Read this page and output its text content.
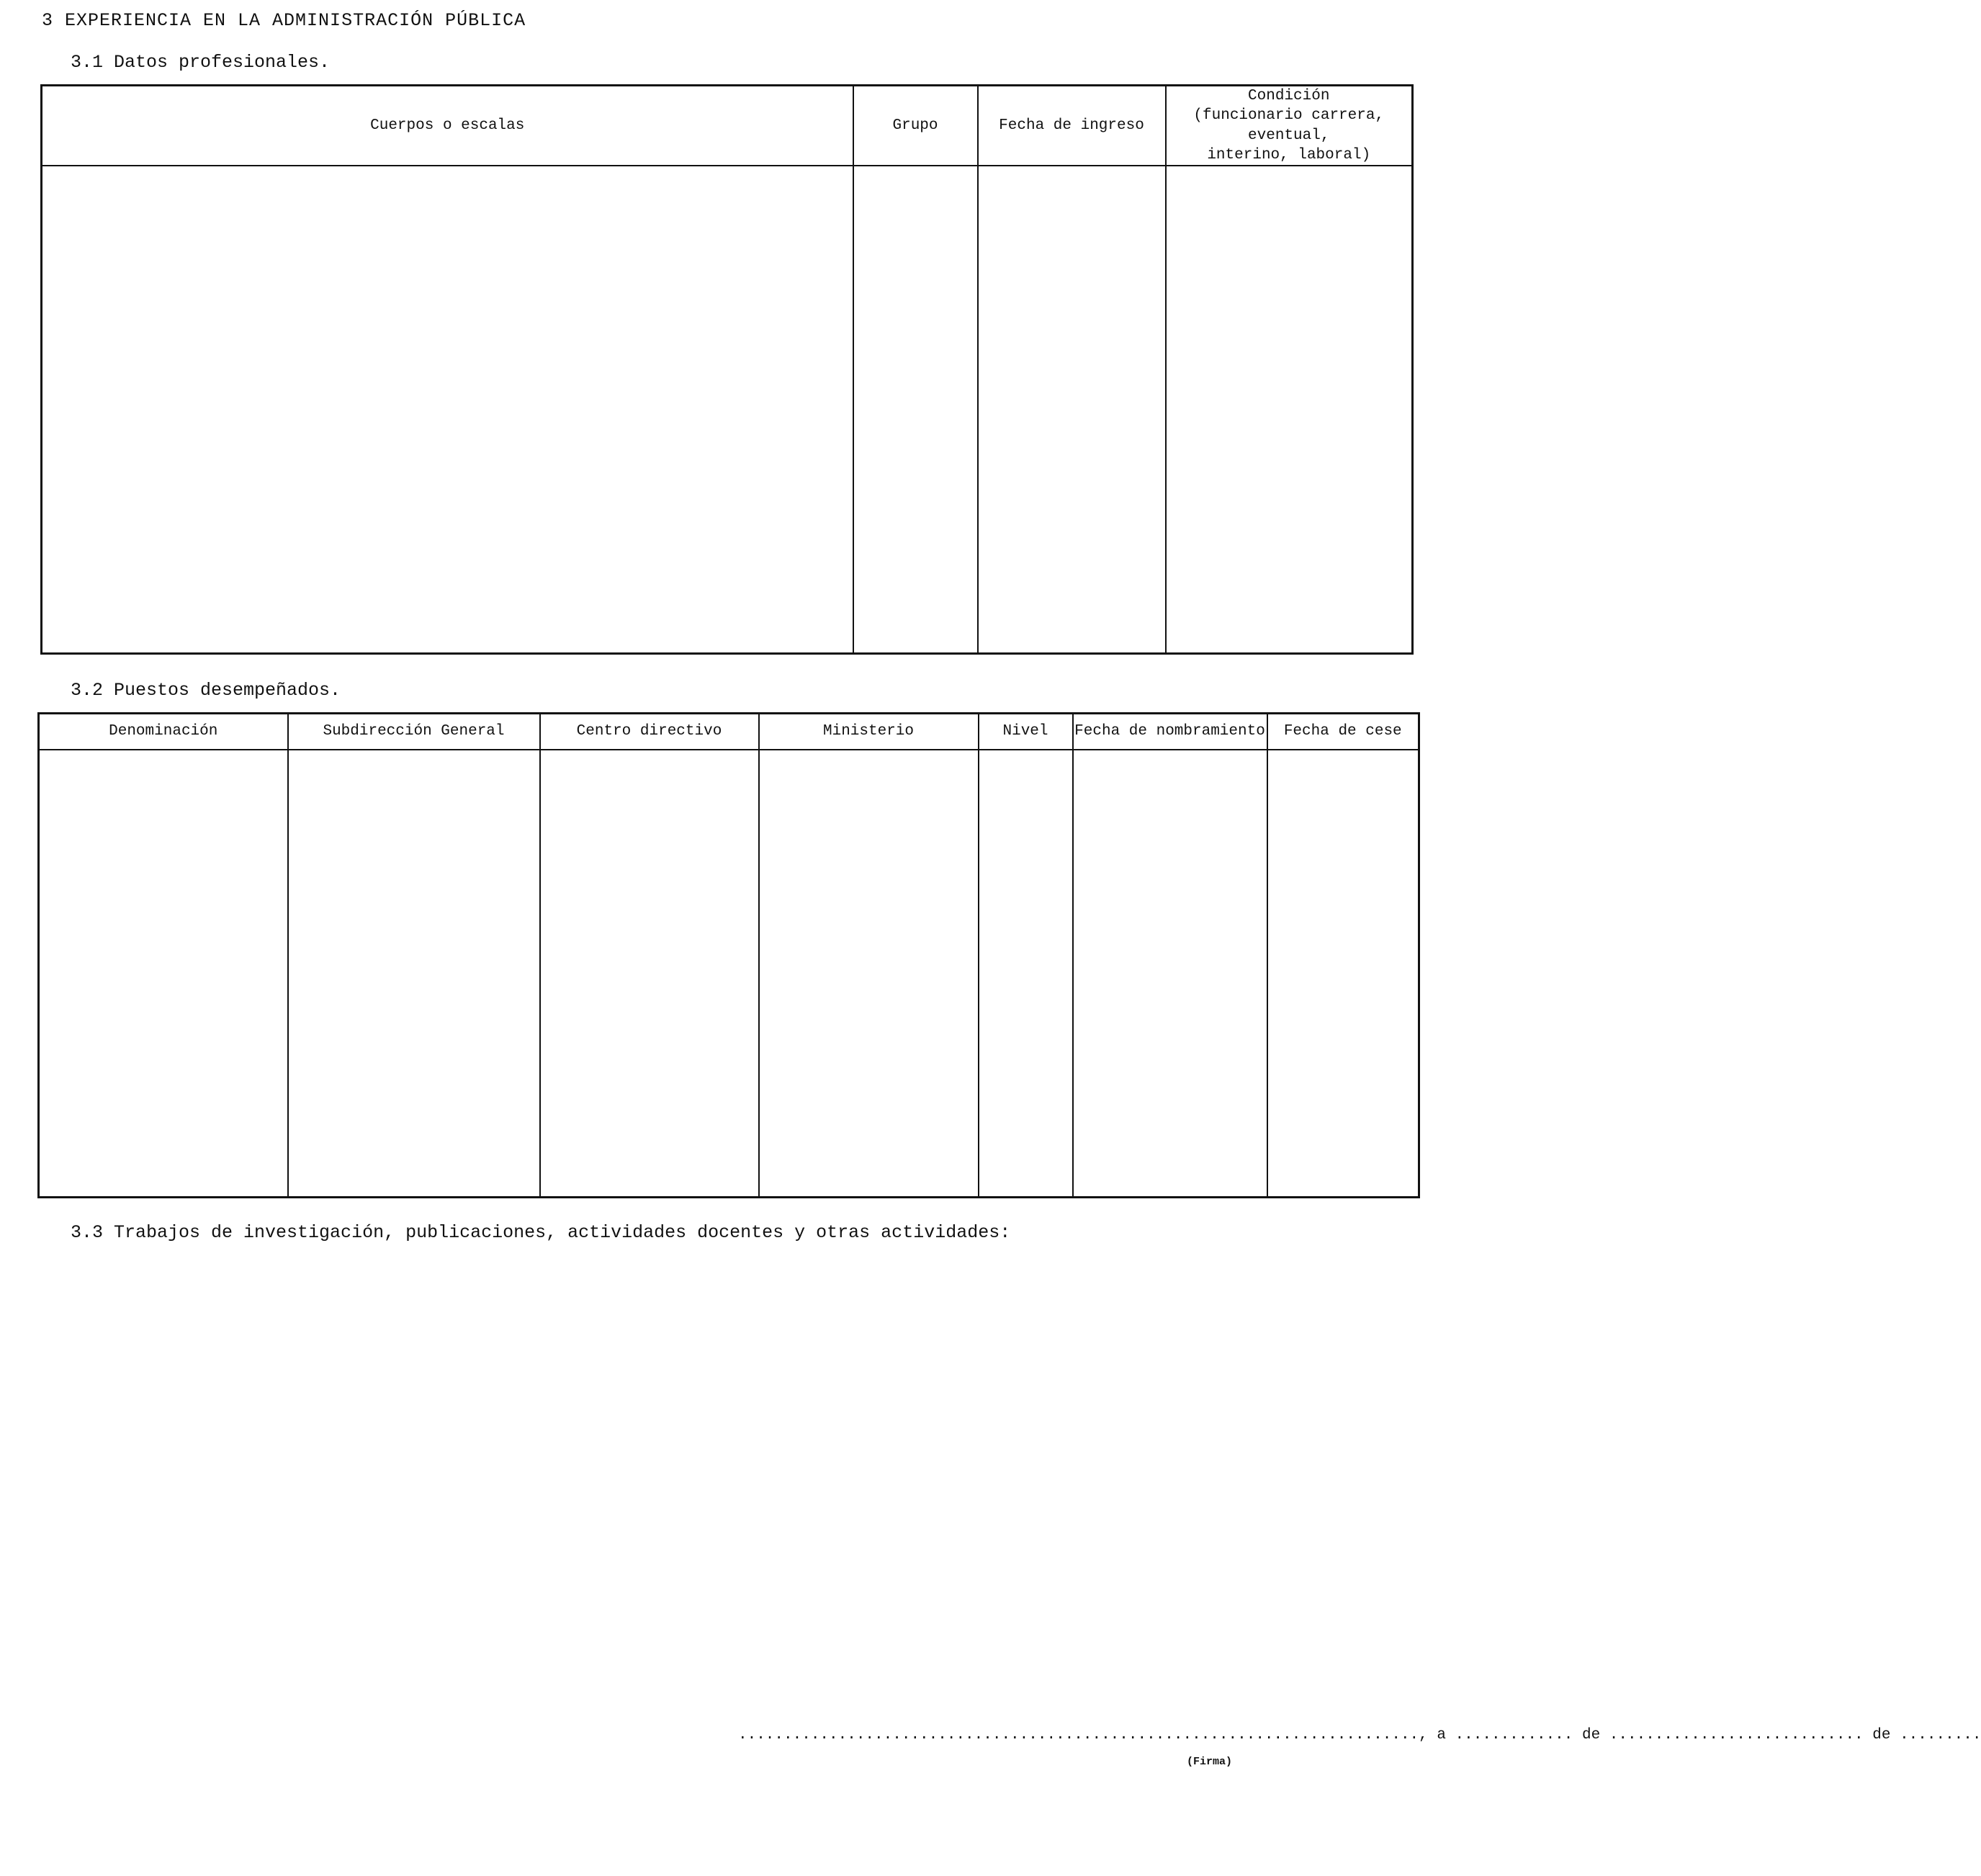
3 EXPERIENCIA EN LA ADMINISTRACIÓN PÚBLICA
3.1 Datos profesionales.
Cuerpos o escalas	Grupo	Fecha de ingreso	Condición
(funcionario carrera, eventual,
interino, laboral)

3.2 Puestos desempeñados.
Denominación	Subdirección General	Centro directivo	Ministerio	Nivel	Fecha de nombramiento	Fecha de cese

3.3 Trabajos de investigación, publicaciones, actividades docentes y otras actividades:
..........................................................................., a ............. de ............................ de .........
(Firma)
